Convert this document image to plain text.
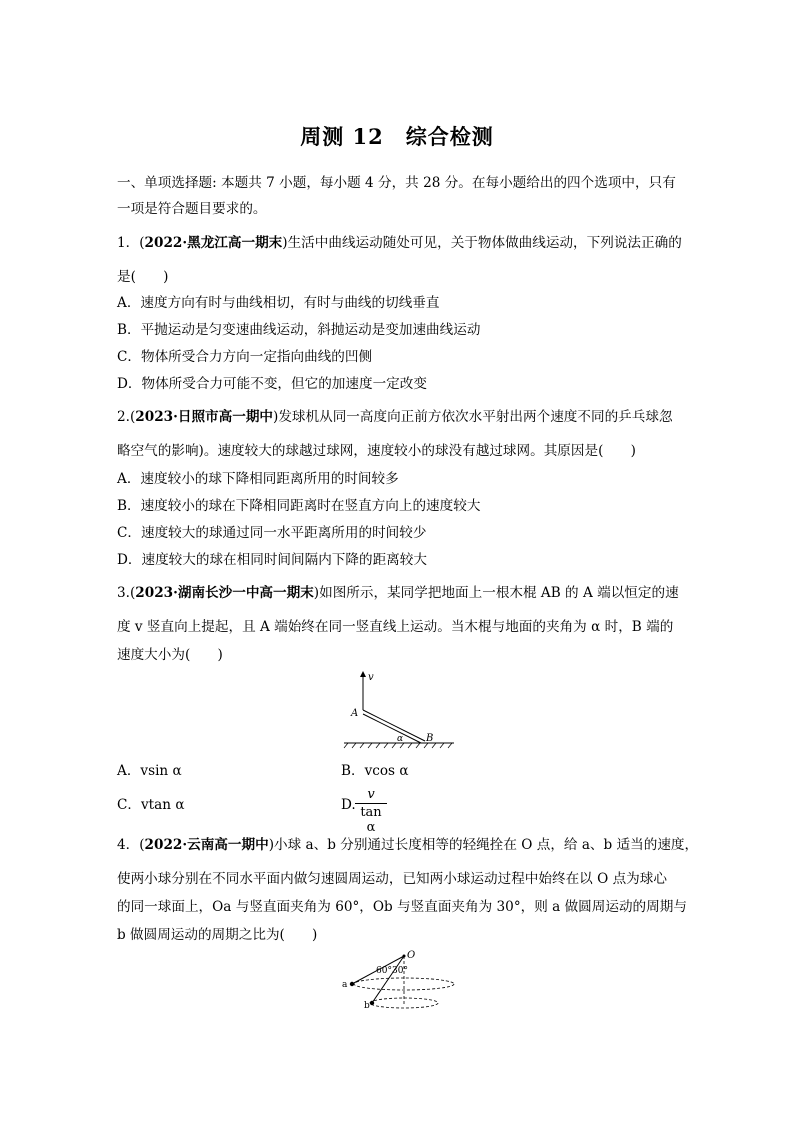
周测 12　综合检测
一、单项选择题: 本题共 7 小题，每小题 4 分，共 28 分。在每小题给出的四个选项中，只有
一项是符合题目要求的。
1．(2022·黑龙江高一期末)生活中曲线运动随处可见，关于物体做曲线运动，下列说法正确的
是(　　)
A．速度方向有时与曲线相切，有时与曲线的切线垂直
B．平抛运动是匀变速曲线运动，斜抛运动是变加速曲线运动
C．物体所受合力方向一定指向曲线的凹侧
D．物体所受合力可能不变，但它的加速度一定改变
2.(2023·日照市高一期中)发球机从同一高度向正前方依次水平射出两个速度不同的乒乓球忽
略空气的影响)。速度较大的球越过球网，速度较小的球没有越过球网。其原因是(　　)
A．速度较小的球下降相同距离所用的时间较多
B．速度较小的球在下降相同距离时在竖直方向上的速度较大
C．速度较大的球通过同一水平距离所用的时间较少
D．速度较大的球在相同时间间隔内下降的距离较大
3.(2023·湖南长沙一中高一期末)如图所示，某同学把地面上一根木棍 AB 的 A 端以恒定的速
度 v 竖直向上提起，且 A 端始终在同一竖直线上运动。当木棍与地面的夹角为 α 时，B 端的
速度大小为(　　)
v
A
α B
A．vsin α	B．vcos α
C．vtan α	D.
v
tan α
4．(2022·云南高一期中)小球 a、b 分别通过长度相等的轻绳拴在 O 点，给 a、b 适当的速度，
使两小球分别在不同水平面内做匀速圆周运动，已知两小球运动过程中始终在以 O 点为球心
的同一球面上，Oa 与竖直面夹角为 60°，Ob 与竖直面夹角为 30°，则 a 做圆周运动的周期与
b 做圆周运动的周期之比为(　　)
O
a
b
60° 30°
